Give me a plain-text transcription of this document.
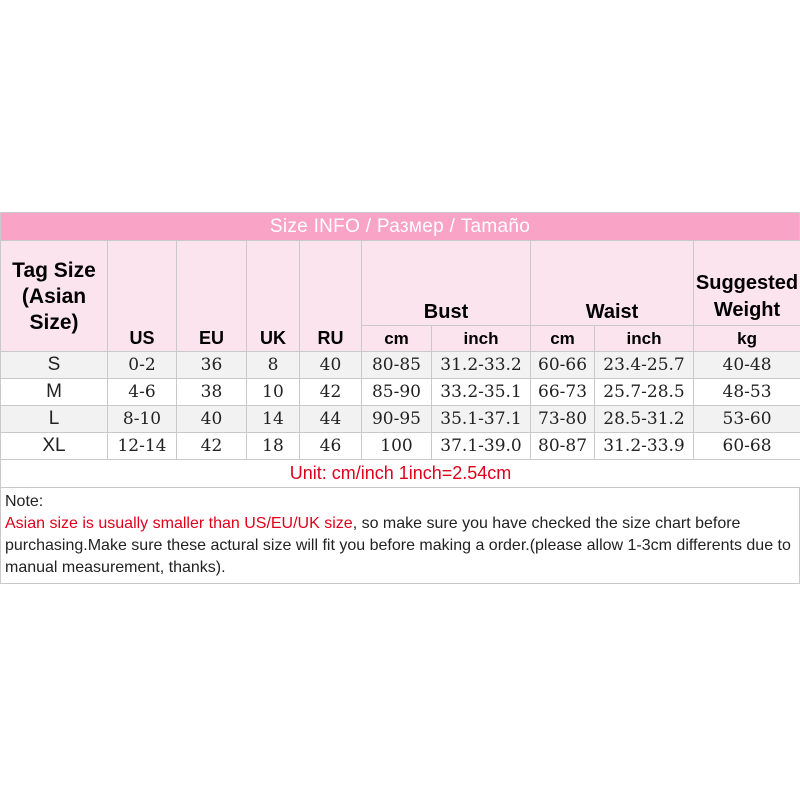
Size INFO / Размер / Tamaño
Tag Size (Asian Size)	US	EU	UK	RU	Bust		Waist		Suggested Weight
					cm	inch	cm	inch	kg
S	0-2	36	8	40	80-85	31.2-33.2	60-66	23.4-25.7	40-48
M	4-6	38	10	42	85-90	33.2-35.1	66-73	25.7-28.5	48-53
L	8-10	40	14	44	90-95	35.1-37.1	73-80	28.5-31.2	53-60
XL	12-14	42	18	46	100	37.1-39.0	80-87	31.2-33.9	60-68
Unit: cm/inch 1inch=2.54cm									
Note:
Asian size is usually smaller than US/EU/UK size, so make sure you have checked the size chart before purchasing.Make sure these actural size will fit you before making a order.(please allow 1-3cm differents due to manual measurement, thanks).
